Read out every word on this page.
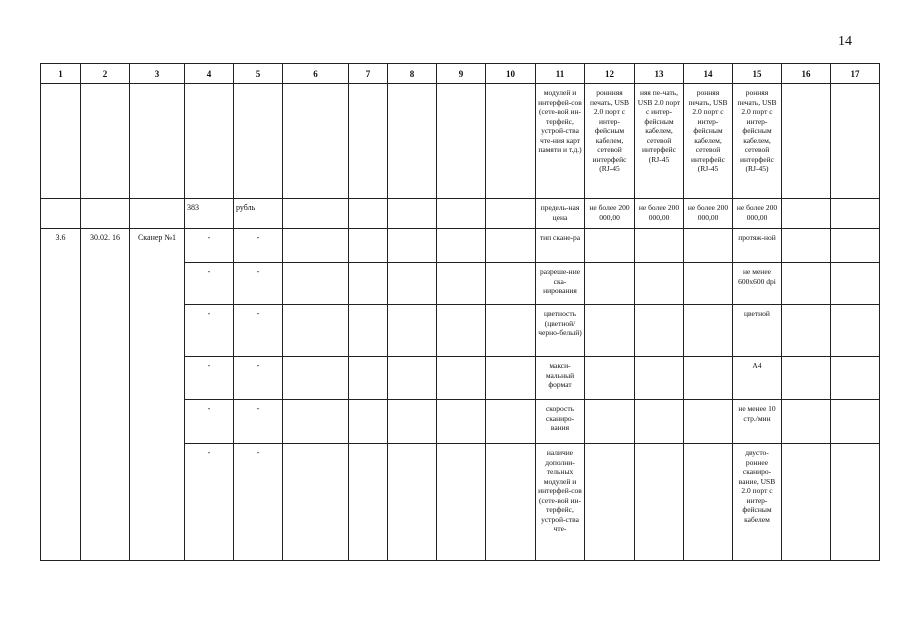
14
1	2	3	4	5	6	7	8	9	10	11	12	13	14	15	16	17
										модулей и интерфей-сов (сете-вой ин-терфейс, устрой-ства чте-ния карт памяти и т.д.)	роннняя печать, USB 2.0 порт с интер-фейсным кабелем, сетевой интерфейс (RJ-45	няя пе-чать, USB 2.0 порт с интер-фейсным кабелем, сетевой интерфейс (RJ-45	ронняя печать, USB 2.0 порт с интер-фейсным кабелем, сетевой интерфейс (RJ-45	ронняя печать, USB 2.0 порт с интер-фейсным кабелем, сетевой интерфейс (RJ-45)		
			383	рубль						предель-ная цена	не более 200 000,00	не более 200 000,00	не более 200 000,00	не более 200 000,00		
3.6	30.02. 16	Сканер №1	-	-						тип скане-ра				протяж-ной		
			-	-						разреше-ние ска-нирования				не менее 600x600 dpi		
			-	-						цветность (цветной/ черно-белый)				цветной		
			-	-						макси-мальный формат				А4		
			-	-						скорость сканиро-вания				не менее 10 стр./мин		
			-	-						наличие дополни-тельных модулей и интерфей-сов (сете-вой ин-терфейс, устрой-ства чте-				двусто-роннее сканиро-вание, USB 2.0 порт с интер-фейсным кабелем		
